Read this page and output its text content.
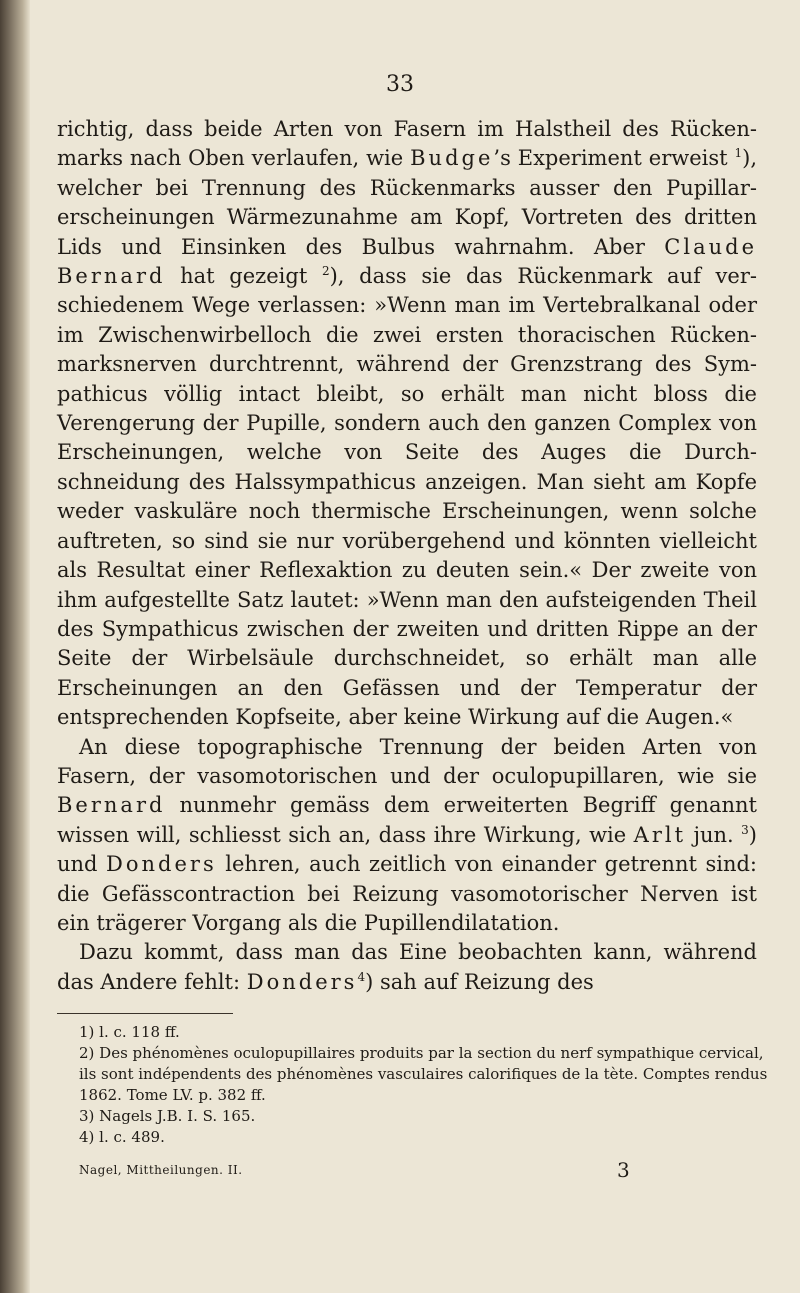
33

richtig, dass beide Arten von Fasern im Halstheil des Rückenmarks nach Oben verlaufen, wie Budge’s Experiment erweist $^1$), welcher bei Trennung des Rückenmarks ausser den Pupillarerscheinungen Wärmezunahme am Kopf, Vortreten des dritten Lids und Einsinken des Bulbus wahrnahm. Aber Claude Bernard hat gezeigt $^2$), dass sie das Rückenmark auf verschiedenem Wege verlassen: »Wenn man im Vertebralkanal oder im Zwischenwirbelloch die zwei ersten thoracischen Rückenmarksnerven durchtrennt, während der Grenzstrang des Sympathicus völlig intact bleibt, so erhält man nicht bloss die Verengerung der Pupille, sondern auch den ganzen Complex von Erscheinungen, welche von Seite des Auges die Durchschneidung des Halssympathicus anzeigen. Man sieht am Kopfe weder vaskuläre noch thermische Erscheinungen, wenn solche auftreten, so sind sie nur vorübergehend und könnten vielleicht als Resultat einer Reflexaktion zu deuten sein.« Der zweite von ihm aufgestellte Satz lautet: »Wenn man den aufsteigenden Theil des Sympathicus zwischen der zweiten und dritten Rippe an der Seite der Wirbelsäule durchschneidet, so erhält man alle Erscheinungen an den Gefässen und der Temperatur der entsprechenden Kopfseite, aber keine Wirkung auf die Augen.«

An diese topographische Trennung der beiden Arten von Fasern, der vasomotorischen und der oculopupillaren, wie sie Bernard nunmehr gemäss dem erweiterten Begriff genannt wissen will, schliesst sich an, dass ihre Wirkung, wie Arlt jun. $^3$) und Donders lehren, auch zeitlich von einander getrennt sind: die Gefässcontraction bei Reizung vasomotorischer Nerven ist ein trägerer Vorgang als die Pupillendilatation.

Dazu kommt, dass man das Eine beobachten kann, während das Andere fehlt: Donders$^4$) sah auf Reizung des

1) l. c. 118 ff.

2) Des phénomènes oculopupillaires produits par la section du nerf sympathique cervical, ils sont indépendents des phénomènes vasculaires calorifiques de la tète. Comptes rendus 1862. Tome LV. p. 382 ff.

3) Nagels J.B. I. S. 165.

4) l. c. 489.

Nagel, Mittheilungen. II.	3
